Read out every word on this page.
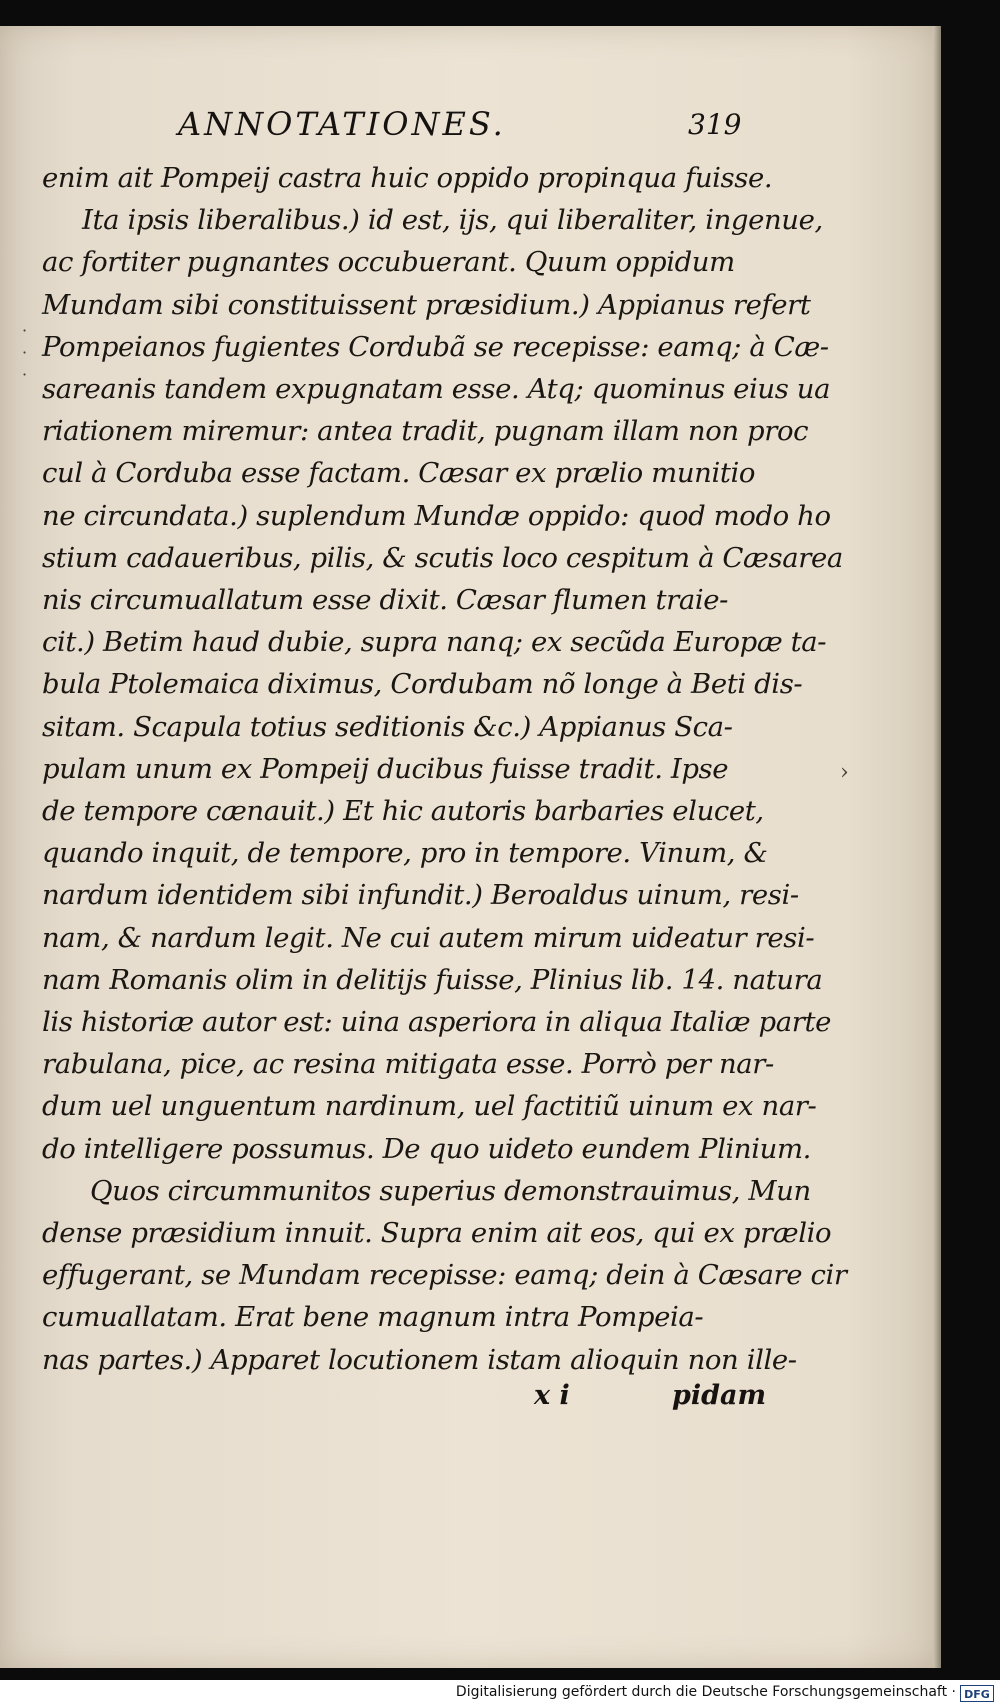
ANNOTATIONES.	319
enim ait Pompeij castra huic oppido propinqua fuisse.
Ita ipsis liberalibus.) id est, ijs, qui liberaliter, ingenue,
ac fortiter pugnantes occubuerant. Quum oppidum
Mundam sibi constituissent præsidium.) Appianus refert
Pompeianos fugientes Cordubã se recepisse: eamq; à Cæ-
sareanis tandem expugnatam esse. Atq; quominus eius ua
riationem miremur: antea tradit, pugnam illam non proc
cul à Corduba esse factam. Cæsar ex prælio munitio
ne circundata.) suplendum Mundæ oppido: quod modo ho
stium cadaueribus, pilis, & scutis loco cespitum à Cæsarea
nis circumuallatum esse dixit. Cæsar flumen traie-
cit.) Betim haud dubie, supra nanq; ex secũda Europæ ta-
bula Ptolemaica diximus, Cordubam nõ longe à Beti dis-
sitam. Scapula totius seditionis &c.) Appianus Sca-
pulam unum ex Pompeij ducibus fuisse tradit. Ipse
de tempore cænauit.) Et hic autoris barbaries elucet,
quando inquit, de tempore, pro in tempore. Vinum, &
nardum identidem sibi infundit.) Beroaldus uinum, resi-
nam, & nardum legit. Ne cui autem mirum uideatur resi-
nam Romanis olim in delitijs fuisse, Plinius lib. 14. natura
lis historiæ autor est: uina asperiora in aliqua Italiæ parte
rabulana, pice, ac resina mitigata esse. Porrò per nar-
dum uel unguentum nardinum, uel factitiũ uinum ex nar-
do intelligere possumus. De quo uideto eundem Plinium.
Quos circummunitos superius demonstrauimus, Mun
dense præsidium innuit. Supra enim ait eos, qui ex prælio
effugerant, se Mundam recepisse: eamq; dein à Cæsare cir
cumuallatam. Erat bene magnum intra Pompeia-
nas partes.) Apparet locutionem istam alioquin non ille-
x i	pidam
·
·
·
›
Digitalisierung gefördert durch die Deutsche Forschungsgemeinschaft · DFG
